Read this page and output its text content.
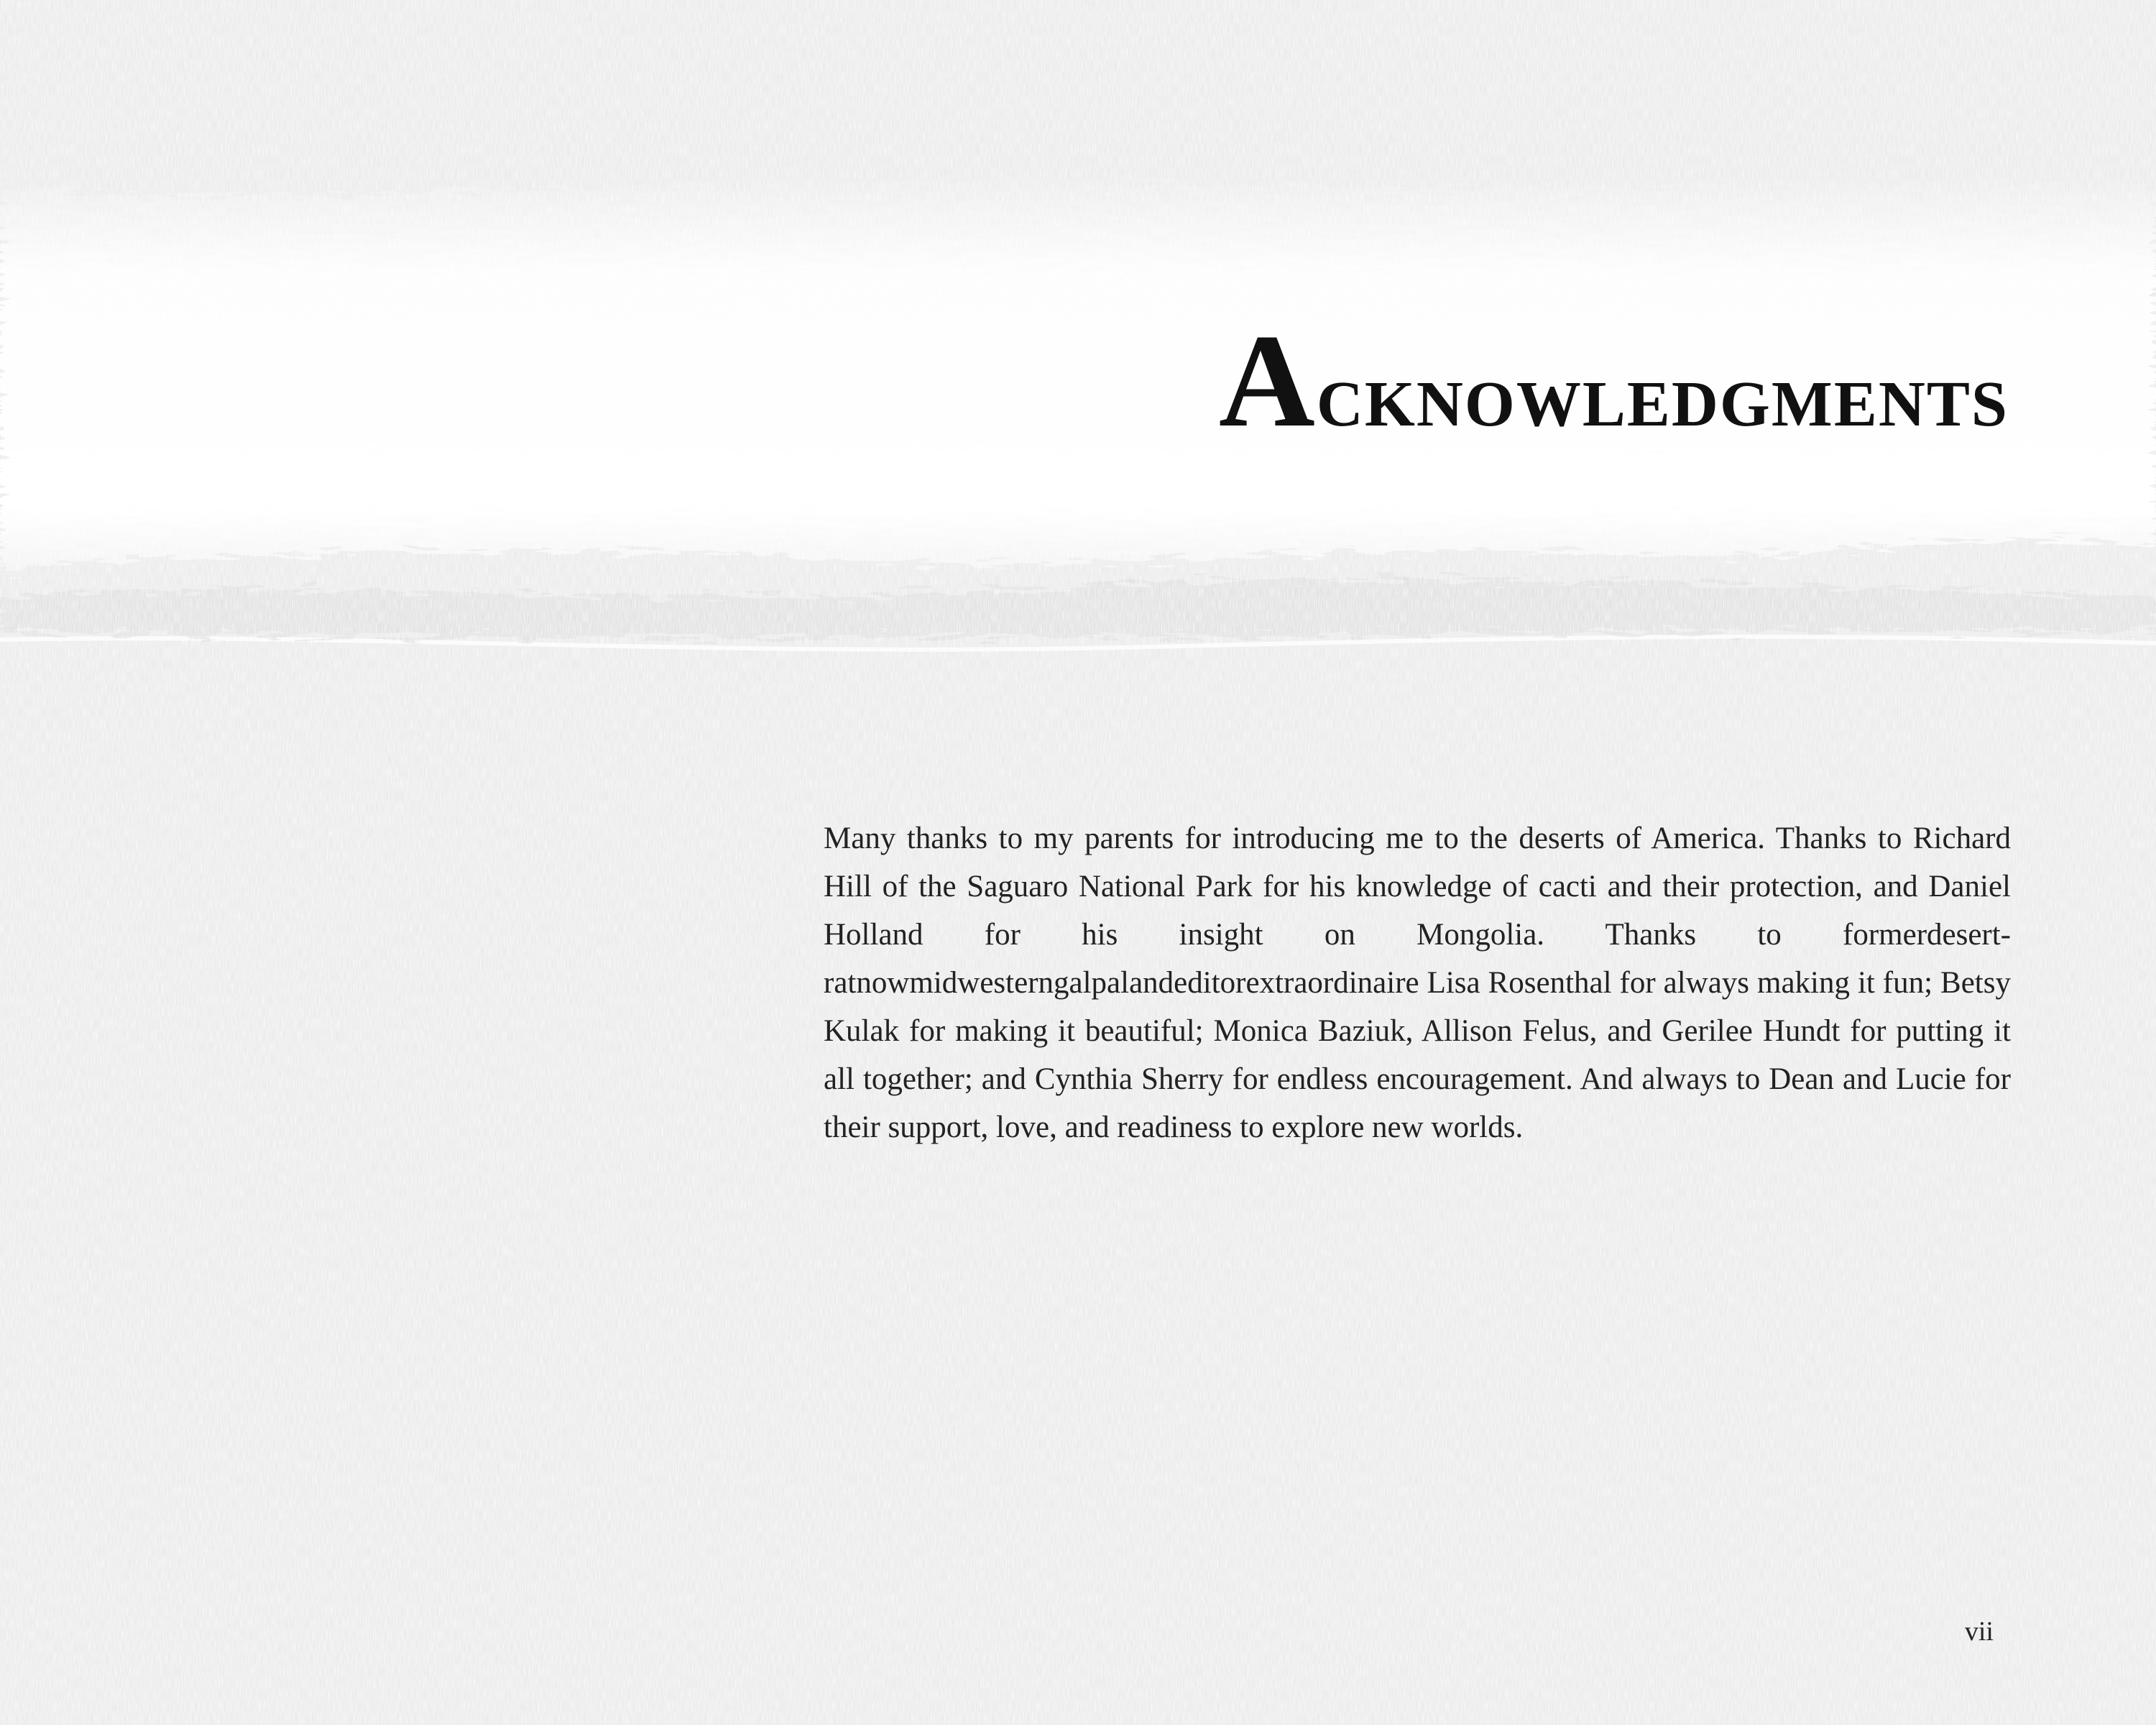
Acknowledgments

Many thanks to my parents for introducing me to the deserts of America. Thanks to Richard Hill of the Saguaro National Park for his knowledge of cacti and their protection, and Daniel Holland for his insight on Mongolia. Thanks to formerdesert-ratnowmidwesterngalpalandeditorextraordinaire Lisa Rosenthal for always making it fun; Betsy Kulak for making it beautiful; Monica Baziuk, Allison Felus, and Gerilee Hundt for putting it all together; and Cynthia Sherry for endless encouragement. And always to Dean and Lucie for their support, love, and readiness to explore new worlds.

vii
